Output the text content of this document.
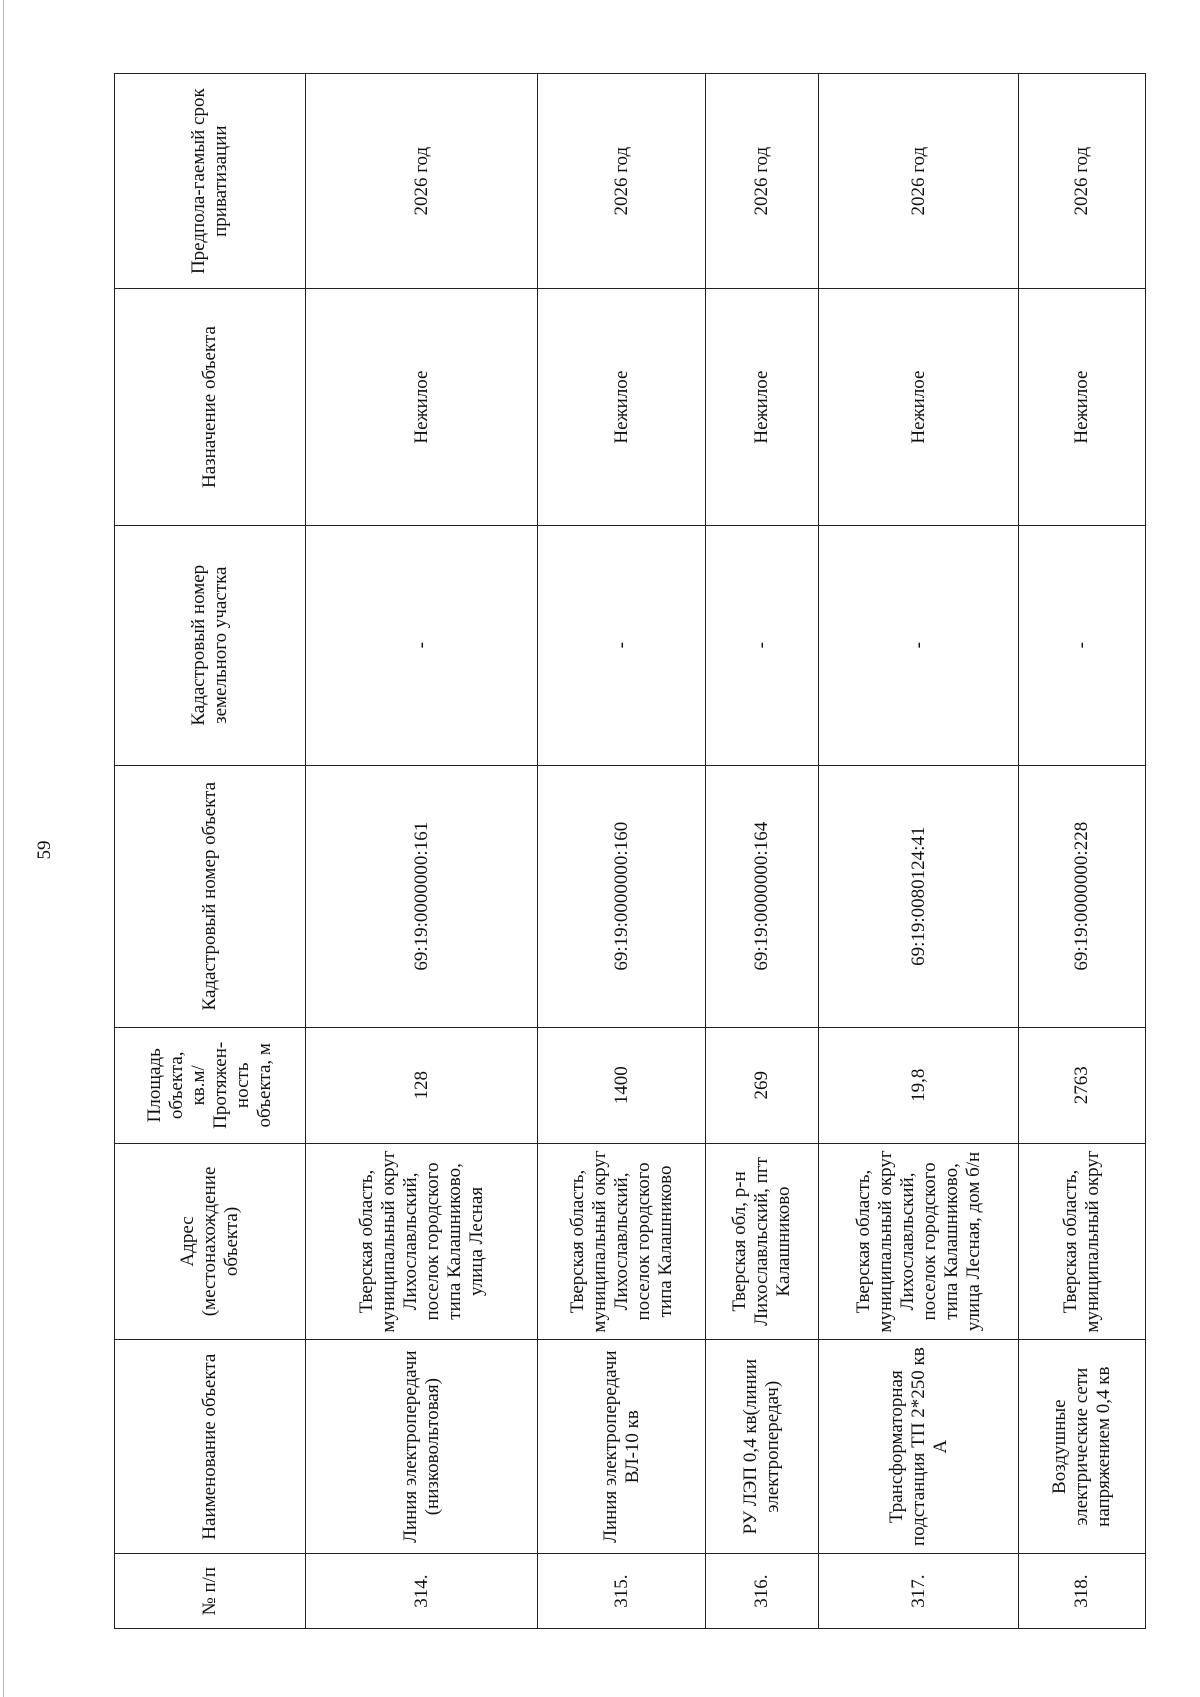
59
№ п/п	Наименование объекта	Адрес (местонахождение объекта)	Площадь объекта, кв.м/ Протяжен-ность объекта, м	Кадастровый номер объекта	Кадастровый номер земельного участка	Назначение объекта	Предпола-гаемый срок приватизации
314.	Линия электропередачи (низковольтовая)	Тверская область, муниципальный округ Лихославльский, поселок городского типа Калашниково, улица Лесная	128	69:19:0000000:161	-	Нежилое	2026 год
315.	Линия электропередачи ВЛ-10 кв	Тверская область, муниципальный округ Лихославльский, поселок городского типа Калашниково	1400	69:19:0000000:160	-	Нежилое	2026 год
316.	РУ ЛЭП 0,4 кв(линии электропередач)	Тверская обл, р-н Лихославльский, пгт Калашниково	269	69:19:0000000:164	-	Нежилое	2026 год
317.	Трансформаторная подстанция ТП 2*250 кв А	Тверская область, муниципальный округ Лихославльский, поселок городского типа Калашниково, улица Лесная, дом б/н	19,8	69:19:0080124:41	-	Нежилое	2026 год
318.	Воздушные электрические сети напряжением 0,4 кв	Тверская область, муниципальный округ	2763	69:19:0000000:228	-	Нежилое	2026 год
